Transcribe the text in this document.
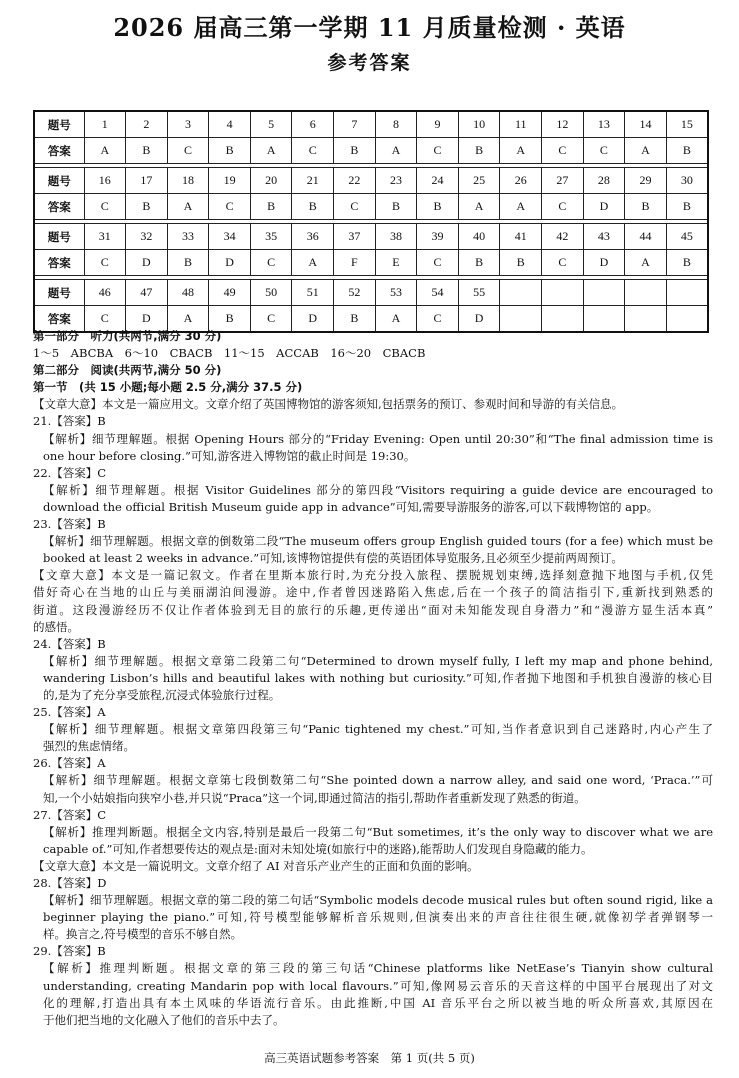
2026 届高三第一学期 11 月质量检测 · 英语
参考答案
题号	1	2	3	4	5	6	7	8	9	10	11	12	13	14	15
答案	A	B	C	B	A	C	B	A	C	B	A	C	C	A	B

题号	16	17	18	19	20	21	22	23	24	25	26	27	28	29	30
答案	C	B	A	C	B	B	C	B	B	A	A	C	D	B	B

题号	31	32	33	34	35	36	37	38	39	40	41	42	43	44	45
答案	C	D	B	D	C	A	F	E	C	B	B	C	D	A	B

题号	46	47	48	49	50	51	52	53	54	55					
答案	C	D	A	B	C	D	B	A	C	D					
第一部分　听力(共两节,满分 30 分)
1～5　ABCBA　6～10　CBACB　11～15　ACCAB　16～20　CBACB
第二部分　阅读(共两节,满分 50 分)
第一节　(共 15 小题;每小题 2.5 分,满分 37.5 分)
【文章大意】本文是一篇应用文。文章介绍了英国博物馆的游客须知,包括票务的预订、参观时间和导游的有关信息。
21.【答案】B
【解析】细节理解题。根据 Opening Hours 部分的“Friday Evening: Open until 20:30”和“The final admission time is
one hour before closing.”可知,游客进入博物馆的截止时间是 19:30。
22.【答案】C
【解析】细节理解题。根据 Visitor Guidelines 部分的第四段“Visitors requiring a guide device are encouraged to
download the official British Museum guide app in advance”可知,需要导游服务的游客,可以下载博物馆的 app。
23.【答案】B
【解析】细节理解题。根据文章的倒数第二段“The museum offers group English guided tours (for a fee) which must be
booked at least 2 weeks in advance.”可知,该博物馆提供有偿的英语团体导览服务,且必须至少提前两周预订。
【文章大意】本文是一篇记叙文。作者在里斯本旅行时,为充分投入旅程、摆脱规划束缚,选择刻意抛下地图与手机,仅凭
借好奇心在当地的山丘与美丽湖泊间漫游。途中,作者曾因迷路陷入焦虑,后在一个孩子的简洁指引下,重新找到熟悉的
街道。这段漫游经历不仅让作者体验到无目的旅行的乐趣,更传递出“面对未知能发现自身潜力”和“漫游方显生活本真”
的感悟。
24.【答案】B
【解析】细节理解题。根据文章第二段第二句“Determined to drown myself fully, I left my map and phone behind,
wandering Lisbon’s hills and beautiful lakes with nothing but curiosity.”可知,作者抛下地图和手机独自漫游的核心目
的,是为了充分享受旅程,沉浸式体验旅行过程。
25.【答案】A
【解析】细节理解题。根据文章第四段第三句“Panic tightened my chest.”可知,当作者意识到自己迷路时,内心产生了
强烈的焦虑情绪。
26.【答案】A
【解析】细节理解题。根据文章第七段倒数第二句“She pointed down a narrow alley, and said one word, ‘Praca.’”可
知,一个小姑娘指向狭窄小巷,并只说“Praca”这一个词,即通过简洁的指引,帮助作者重新发现了熟悉的街道。
27.【答案】C
【解析】推理判断题。根据全文内容,特别是最后一段第二句“But sometimes, it’s the only way to discover what we are
capable of.”可知,作者想要传达的观点是:面对未知处境(如旅行中的迷路),能帮助人们发现自身隐藏的能力。
【文章大意】本文是一篇说明文。文章介绍了 AI 对音乐产业产生的正面和负面的影响。
28.【答案】D
【解析】细节理解题。根据文章的第二段的第二句话“Symbolic models decode musical rules but often sound rigid, like a
beginner playing the piano.”可知,符号模型能够解析音乐规则,但演奏出来的声音往往很生硬,就像初学者弹钢琴一
样。换言之,符号模型的音乐不够自然。
29.【答案】B
【解析】推理判断题。根据文章的第三段的第三句话“Chinese platforms like NetEase’s Tianyin show cultural
understanding, creating Mandarin pop with local flavours.”可知,像网易云音乐的天音这样的中国平台展现出了对文
化的理解,打造出具有本土风味的华语流行音乐。由此推断,中国 AI 音乐平台之所以被当地的听众所喜欢,其原因在
于他们把当地的文化融入了他们的音乐中去了。
高三英语试题参考答案　第 1 页(共 5 页)
